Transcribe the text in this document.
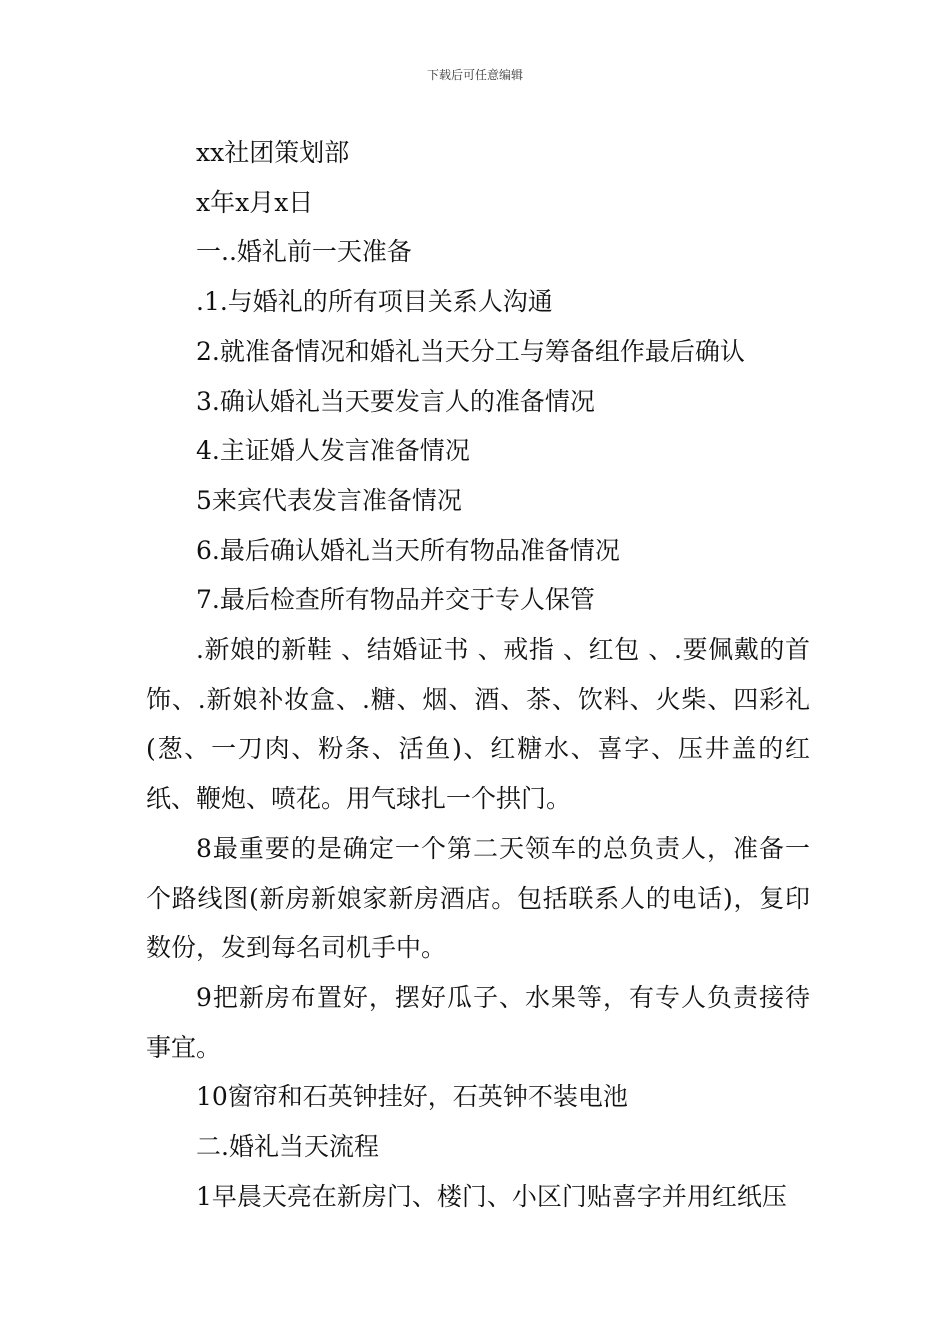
下载后可任意编辑

xx社团策划部

x年x月x日

一..婚礼前一天准备

.1.与婚礼的所有项目关系人沟通

2.就准备情况和婚礼当天分工与筹备组作最后确认

3.确认婚礼当天要发言人的准备情况

4.主证婚人发言准备情况

5来宾代表发言准备情况

6.最后确认婚礼当天所有物品准备情况

7.最后检查所有物品并交于专人保管

.新娘的新鞋 、结婚证书 、戒指 、红包 、.要佩戴的首饰、.新娘补妆盒、.糖、烟、酒、茶、饮料、火柴、四彩礼(葱、一刀肉、粉条、活鱼)、红糖水、喜字、压井盖的红纸、鞭炮、喷花。用气球扎一个拱门。

8最重要的是确定一个第二天领车的总负责人，准备一个路线图(新房新娘家新房酒店。包括联系人的电话)，复印数份，发到每名司机手中。

9把新房布置好，摆好瓜子、水果等，有专人负责接待事宜。

10窗帘和石英钟挂好，石英钟不装电池

二.婚礼当天流程

1早晨天亮在新房门、楼门、小区门贴喜字并用红纸压
